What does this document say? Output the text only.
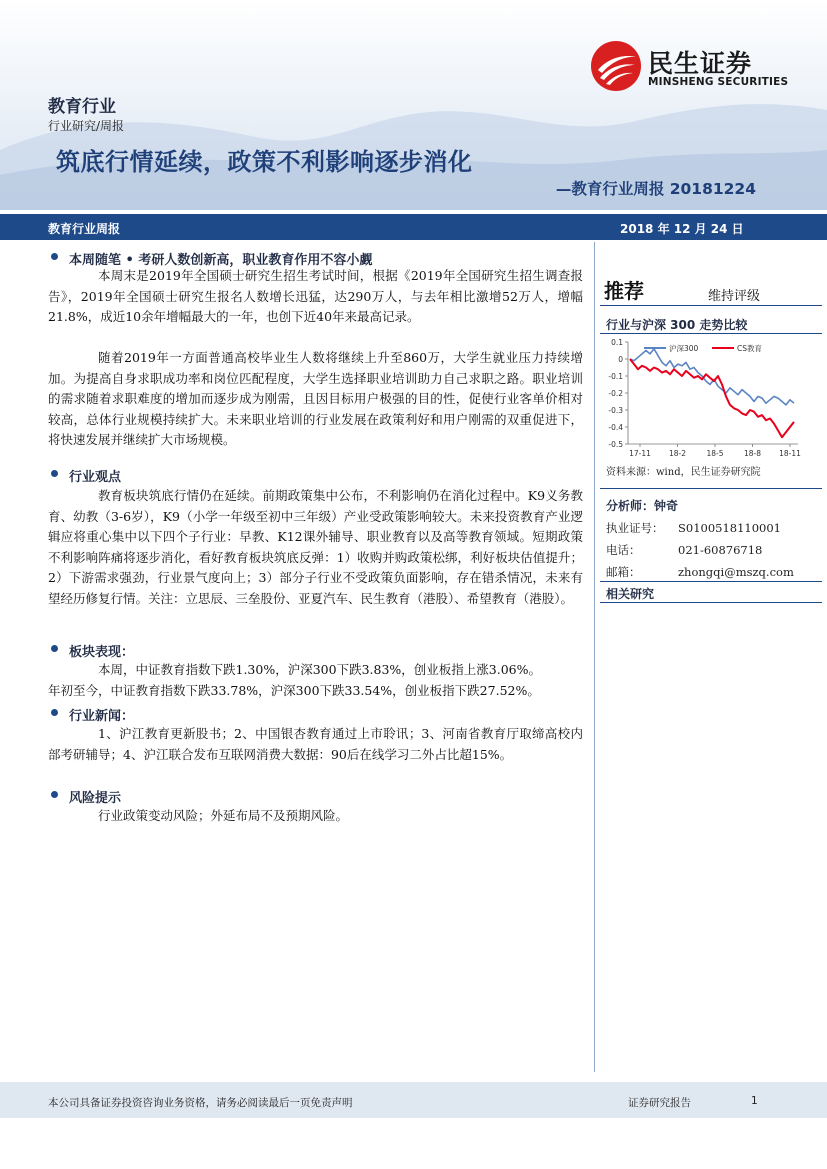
民生证券
MINSHENG SECURITIES
教育行业
行业研究/周报
筑底行情延续，政策不利影响逐步消化
—教育行业周报 20181224
教育行业周报	2018 年 12 月 24 日
本周随笔 • 考研人数创新高，职业教育作用不容小觑

本周末是2019年全国硕士研究生招生考试时间，根据《2019年全国研究生招生调查报告》，2019年全国硕士研究生报名人数增长迅猛，达290万人，与去年相比激增52万人，增幅21.8%，成近10余年增幅最大的一年，也创下近40年来最高记录。

随着2019年一方面普通高校毕业生人数将继续上升至860万，大学生就业压力持续增加。为提高自身求职成功率和岗位匹配程度，大学生选择职业培训助力自己求职之路。职业培训的需求随着求职难度的增加而逐步成为刚需，且因目标用户极强的目的性，促使行业客单价相对较高，总体行业规模持续扩大。未来职业培训的行业发展在政策利好和用户刚需的双重促进下，将快速发展并继续扩大市场规模。

行业观点

教育板块筑底行情仍在延续。前期政策集中公布，不利影响仍在消化过程中。K9义务教育、幼教（3-6岁），K9（小学一年级至初中三年级）产业受政策影响较大。未来投资教育产业逻辑应将重心集中以下四个子行业：早教、K12课外辅导、职业教育以及高等教育领域。短期政策不利影响阵痛将逐步消化，看好教育板块筑底反弹：1）收购并购政策松绑，利好板块估值提升；2）下游需求强劲，行业景气度向上；3）部分子行业不受政策负面影响，存在错杀情况，未来有望经历修复行情。关注：立思辰、三垒股份、亚夏汽车、民生教育（港股）、希望教育（港股）。

板块表现：

本周，中证教育指数下跌1.30%，沪深300下跌3.83%，创业板指上涨3.06%。

年初至今，中证教育指数下跌33.78%，沪深300下跌33.54%，创业板指下跌27.52%。

行业新闻：

1、沪江教育更新股书；2、中国银杏教育通过上市聆讯；3、河南省教育厅取缔高校内部考研辅导；4、沪江联合发布互联网消费大数据：90后在线学习二外占比超15%。

风险提示

行业政策变动风险；外延布局不及预期风险。

推荐	维持评级
行业与沪深 300 走势比较
0.1
0
-0.1
-0.2
-0.3
-0.4
-0.5
17-11 18-2	18-5	18-8 18-11
沪深300	CS教育
资料来源：wind，民生证券研究院
分析师：钟奇
执业证号： S0100518110001
电话：	021-60876718
邮箱：	zhongqi@mszq.com
相关研究
本公司具备证券投资咨询业务资格，请务必阅读最后一页免责声明	证券研究报告	1
